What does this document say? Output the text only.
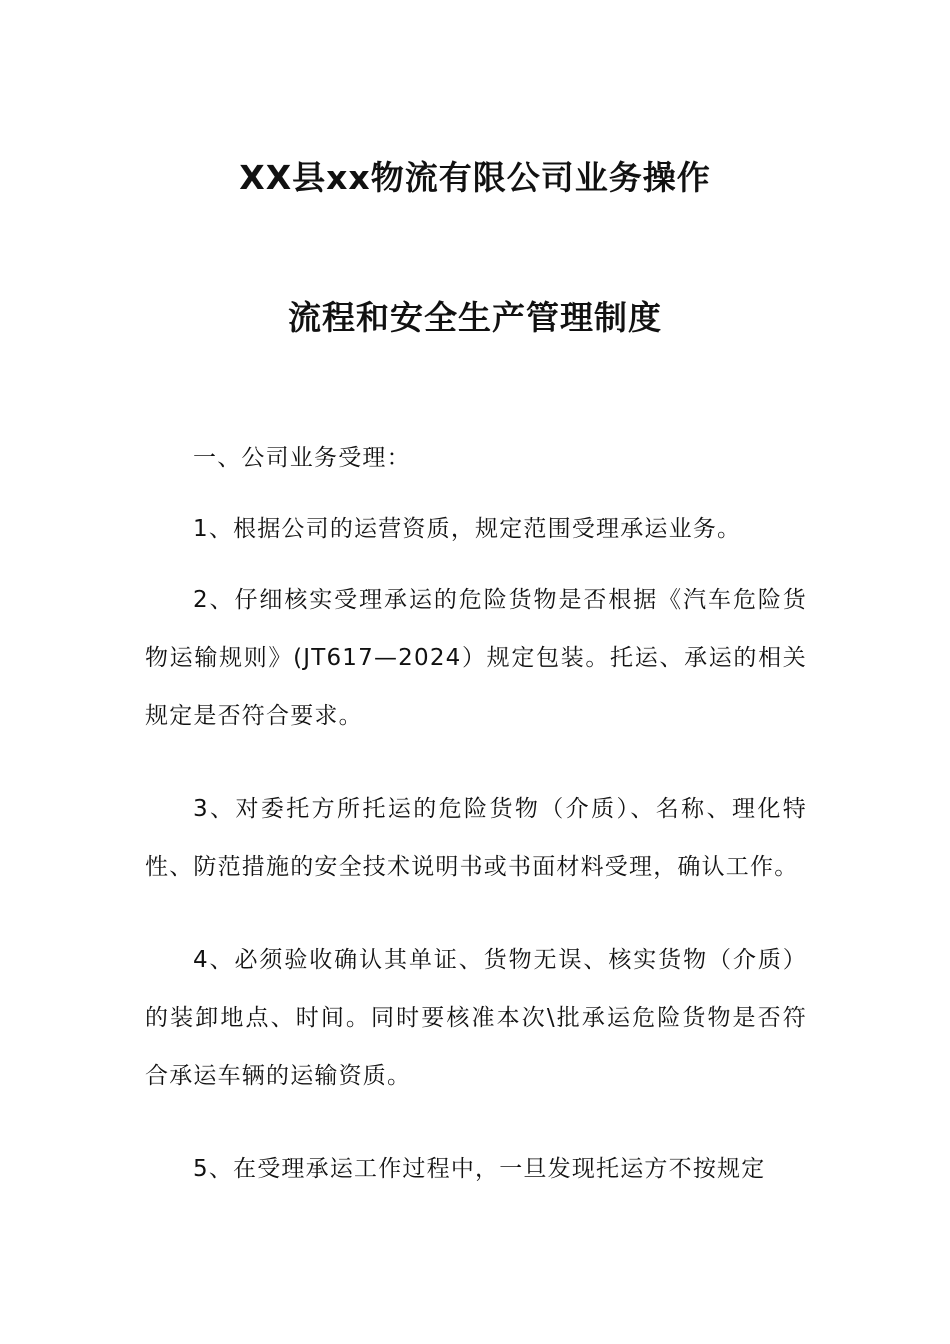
XX县xx物流有限公司业务操作
流程和安全生产管理制度

一、公司业务受理：

1、根据公司的运营资质，规定范围受理承运业务。

2、仔细核实受理承运的危险货物是否根据《汽车危险货物运输规则》(JT617—2024）规定包装。托运、承运的相关规定是否符合要求。

3、对委托方所托运的危险货物（介质）、名称、理化特性、防范措施的安全技术说明书或书面材料受理，确认工作。

4、必须验收确认其单证、货物无误、核实货物（介质）的装卸地点、时间。同时要核准本次\批承运危险货物是否符合承运车辆的运输资质。

5、在受理承运工作过程中，一旦发现托运方不按规定
